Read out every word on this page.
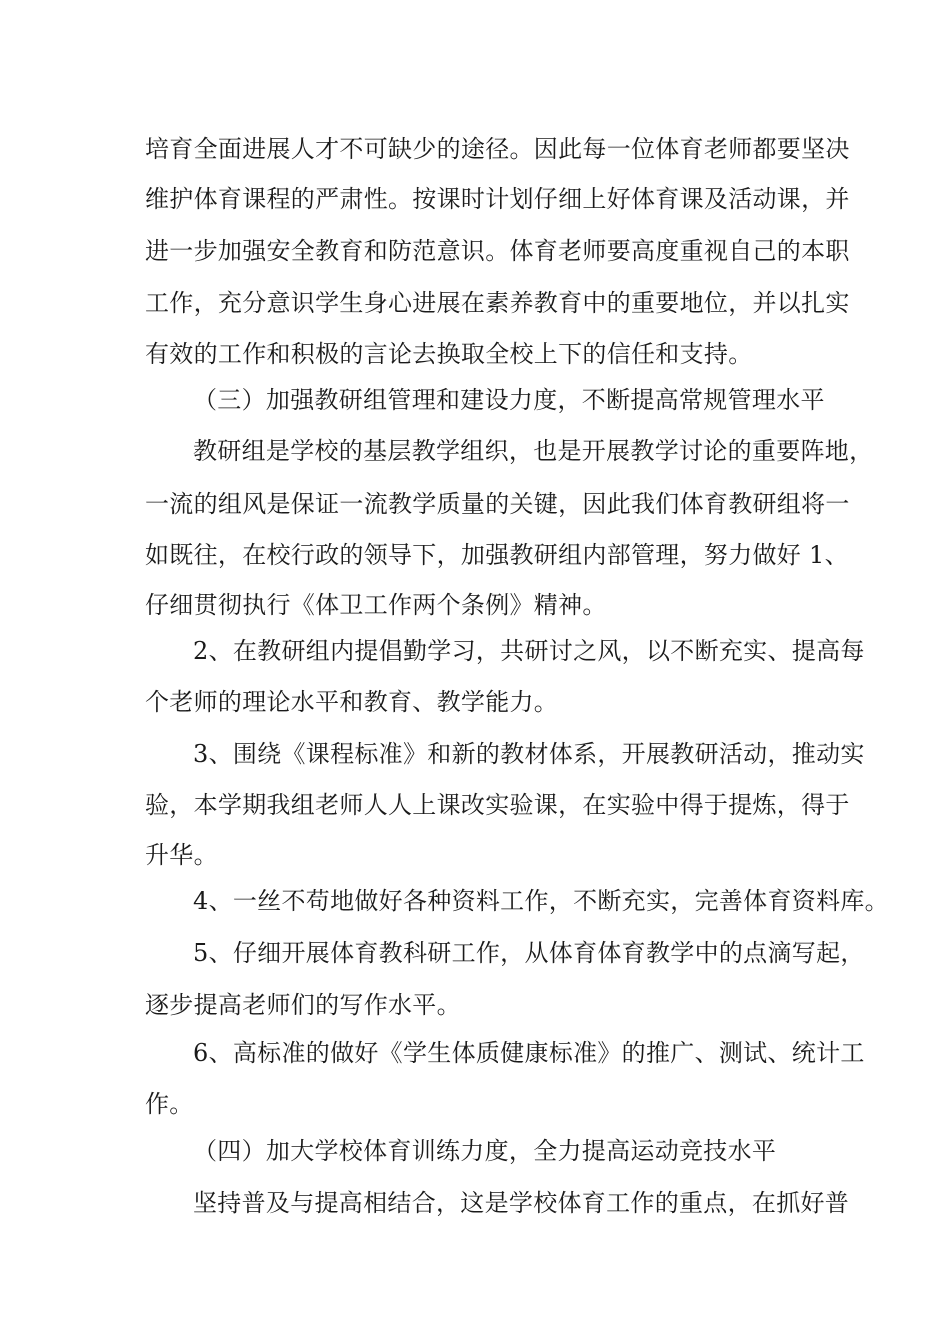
培育全面进展人才不可缺少的途径。因此每一位体育老师都要坚决
维护体育课程的严肃性。按课时计划仔细上好体育课及活动课，并
进一步加强安全教育和防范意识。体育老师要高度重视自己的本职
工作，充分意识学生身心进展在素养教育中的重要地位，并以扎实
有效的工作和积极的言论去换取全校上下的信任和支持。
（三）加强教研组管理和建设力度，不断提高常规管理水平
教研组是学校的基层教学组织，也是开展教学讨论的重要阵地，
一流的组风是保证一流教学质量的关键，因此我们体育教研组将一
如既往，在校行政的领导下，加强教研组内部管理，努力做好 1、
仔细贯彻执行《体卫工作两个条例》精神。
2、在教研组内提倡勤学习，共研讨之风，以不断充实、提高每
个老师的理论水平和教育、教学能力。
3、围绕《课程标准》和新的教材体系，开展教研活动，推动实
验，本学期我组老师人人上课改实验课，在实验中得于提炼，得于
升华。
4、一丝不苟地做好各种资料工作，不断充实，完善体育资料库。
5、仔细开展体育教科研工作，从体育体育教学中的点滴写起，
逐步提高老师们的写作水平。
6、高标准的做好《学生体质健康标准》的推广、测试、统计工
作。
（四）加大学校体育训练力度，全力提高运动竞技水平
坚持普及与提高相结合，这是学校体育工作的重点，在抓好普
